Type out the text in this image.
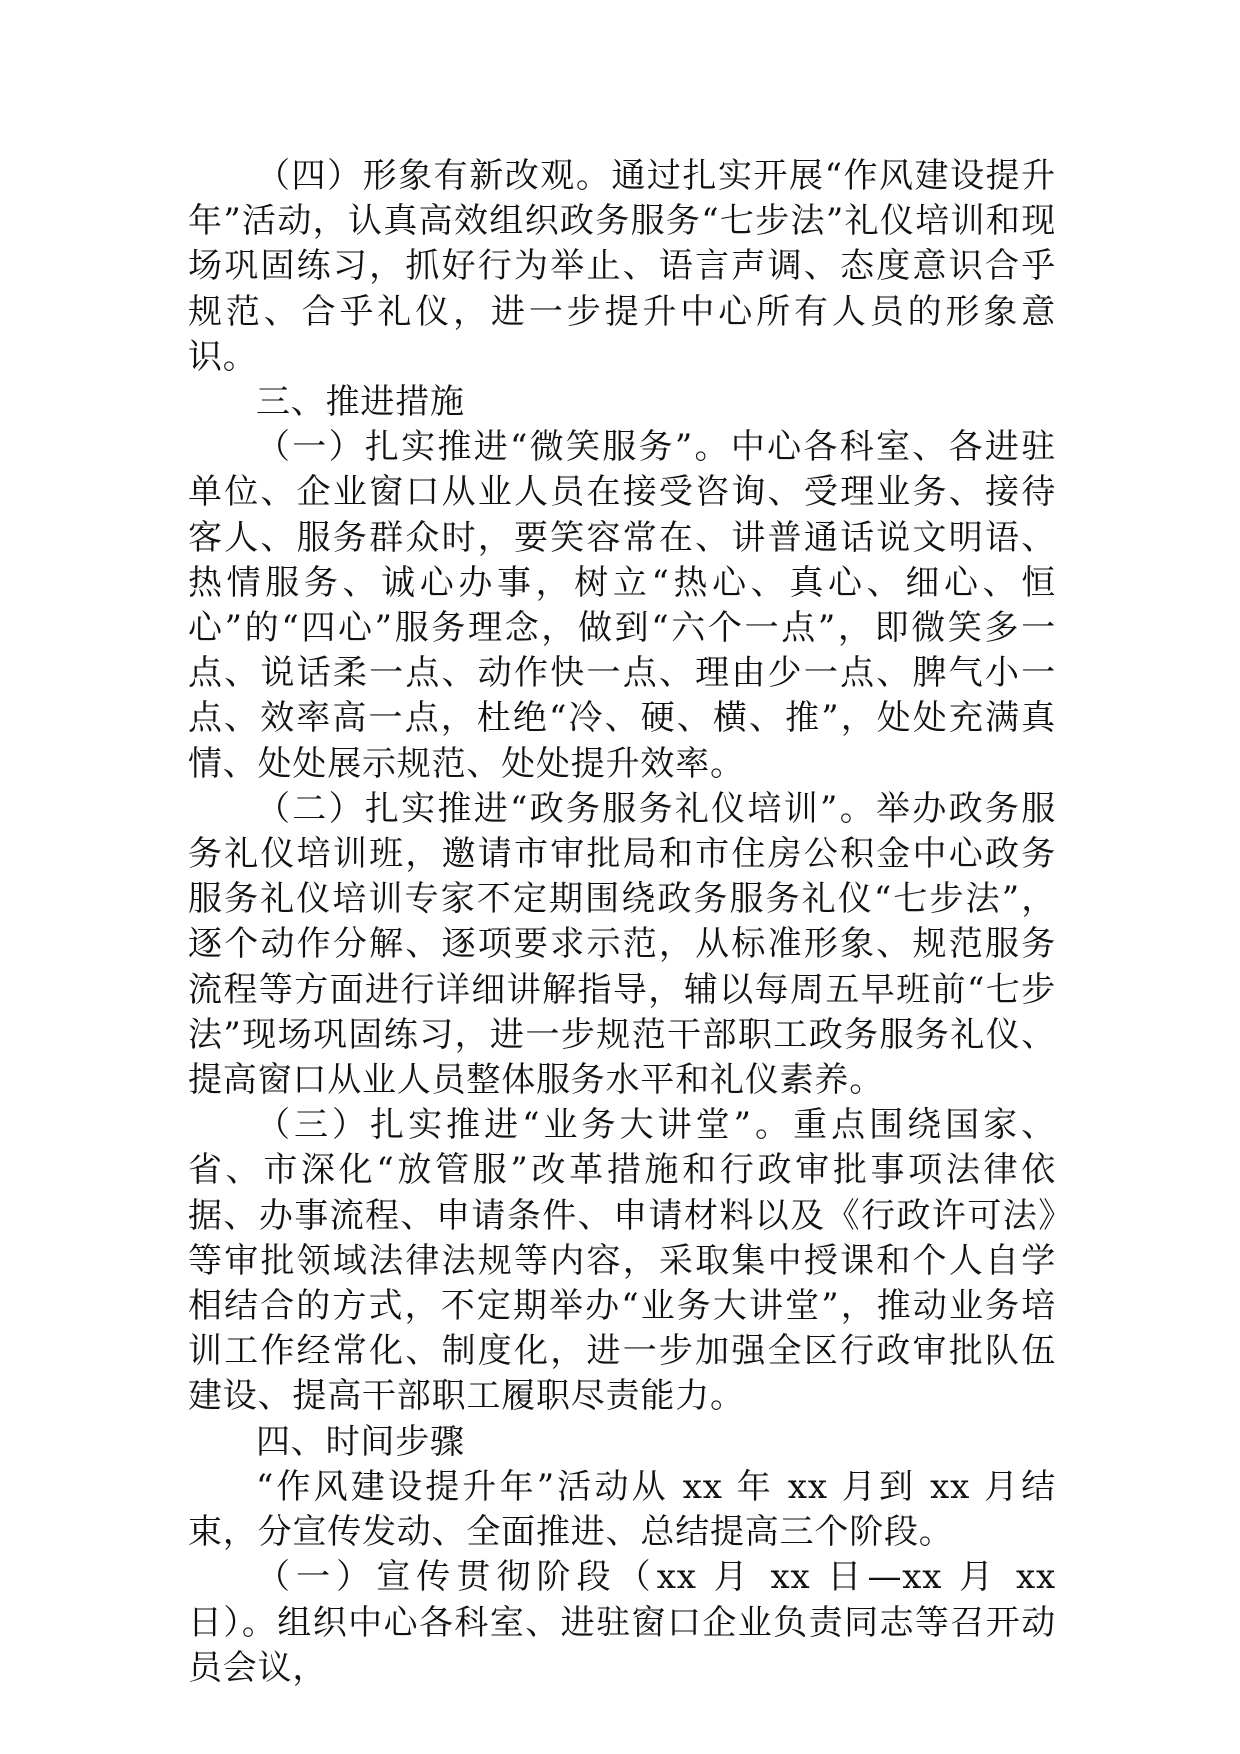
（四）形象有新改观。通过扎实开展“作风建设提升年”活动，认真高效组织政务服务“七步法”礼仪培训和现场巩固练习，抓好行为举止、语言声调、态度意识合乎规范、合乎礼仪，进一步提升中心所有人员的形象意识。

三、推进措施

（一）扎实推进“微笑服务”。中心各科室、各进驻单位、企业窗口从业人员在接受咨询、受理业务、接待客人、服务群众时，要笑容常在、讲普通话说文明语、热情服务、诚心办事，树立“热心、真心、细心、恒心”的“四心”服务理念，做到“六个一点”，即微笑多一点、说话柔一点、动作快一点、理由少一点、脾气小一点、效率高一点，杜绝“冷、硬、横、推”，处处充满真情、处处展示规范、处处提升效率。

（二）扎实推进“政务服务礼仪培训”。举办政务服务礼仪培训班，邀请市审批局和市住房公积金中心政务服务礼仪培训专家不定期围绕政务服务礼仪“七步法”，逐个动作分解、逐项要求示范，从标准形象、规范服务流程等方面进行详细讲解指导，辅以每周五早班前“七步法”现场巩固练习，进一步规范干部职工政务服务礼仪、提高窗口从业人员整体服务水平和礼仪素养。

（三）扎实推进“业务大讲堂”。重点围绕国家、省、市深化“放管服”改革措施和行政审批事项法律依据、办事流程、申请条件、申请材料以及《行政许可法》等审批领域法律法规等内容，采取集中授课和个人自学相结合的方式，不定期举办“业务大讲堂”，推动业务培训工作经常化、制度化，进一步加强全区行政审批队伍建设、提高干部职工履职尽责能力。

四、时间步骤

“作风建设提升年”活动从 xx 年 xx 月到 xx 月结束，分宣传发动、全面推进、总结提高三个阶段。

（一）宣传贯彻阶段（xx 月 xx 日—xx 月 xx 日）。组织中心各科室、进驻窗口企业负责同志等召开动员会议，
